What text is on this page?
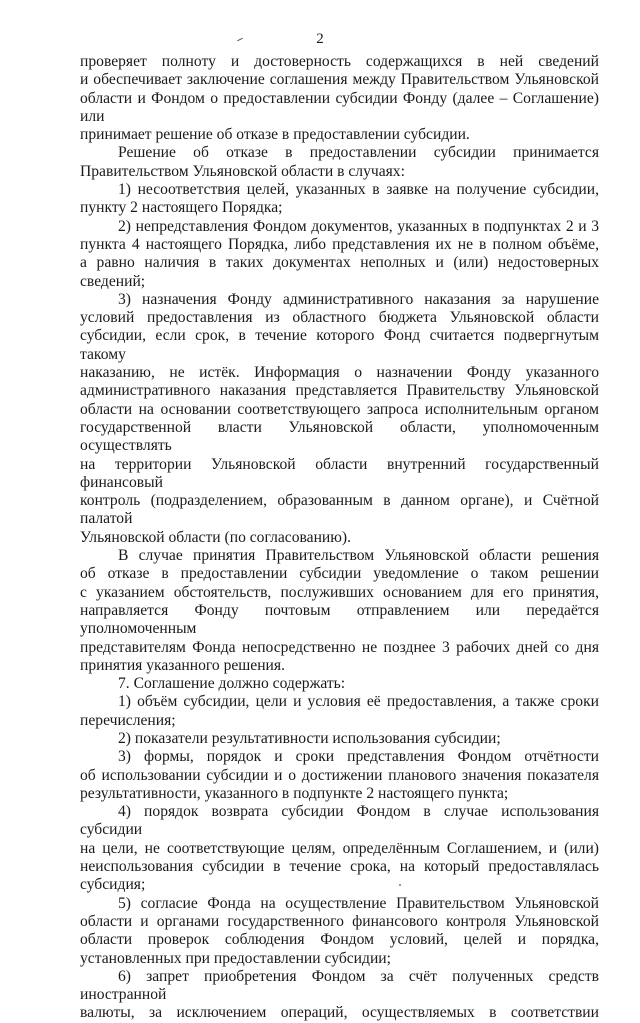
2

проверяет полноту и достоверность содержащихся в ней сведений

и обеспечивает заключение соглашения между Правительством Ульяновской

области и Фондом о предоставлении субсидии Фонду (далее – Соглашение) или

принимает решение об отказе в предоставлении субсидии.

Решение об отказе в предоставлении субсидии принимается

Правительством Ульяновской области в случаях:

1) несоответствия целей, указанных в заявке на получение субсидии,

пункту 2 настоящего Порядка;

2) непредставления Фондом документов, указанных в подпунктах 2 и 3

пункта 4 настоящего Порядка, либо представления их не в полном объёме,

а равно наличия в таких документах неполных и (или) недостоверных

сведений;

3) назначения Фонду административного наказания за нарушение

условий предоставления из областного бюджета Ульяновской области

субсидии, если срок, в течение которого Фонд считается подвергнутым такому

наказанию, не истёк. Информация о назначении Фонду указанного

административного наказания представляется Правительству Ульяновской

области на основании соответствующего запроса исполнительным органом

государственной власти Ульяновской области, уполномоченным осуществлять

на территории Ульяновской области внутренний государственный финансовый

контроль (подразделением, образованным в данном органе), и Счётной палатой

Ульяновской области (по согласованию).

В случае принятия Правительством Ульяновской области решения

об отказе в предоставлении субсидии уведомление о таком решении

с указанием обстоятельств, послуживших основанием для его принятия,

направляется Фонду почтовым отправлением или передаётся уполномоченным

представителям Фонда непосредственно не позднее 3 рабочих дней со дня

принятия указанного решения.

7. Соглашение должно содержать:

1) объём субсидии, цели и условия её предоставления, а также сроки

перечисления;

2) показатели результативности использования субсидии;

3) формы, порядок и сроки представления Фондом отчётности

об использовании субсидии и о достижении планового значения показателя

результативности, указанного в подпункте 2 настоящего пункта;

4) порядок возврата субсидии Фондом в случае использования субсидии

на цели, не соответствующие целям, определённым Соглашением, и (или)

неиспользования субсидии в течение срока, на который предоставлялась

субсидия;

5) согласие Фонда на осуществление Правительством Ульяновской

области и органами государственного финансового контроля Ульяновской

области проверок соблюдения Фондом условий, целей и порядка,

установленных при предоставлении субсидии;

6) запрет приобретения Фондом за счёт полученных средств иностранной

валюты, за исключением операций, осуществляемых в соответствии
